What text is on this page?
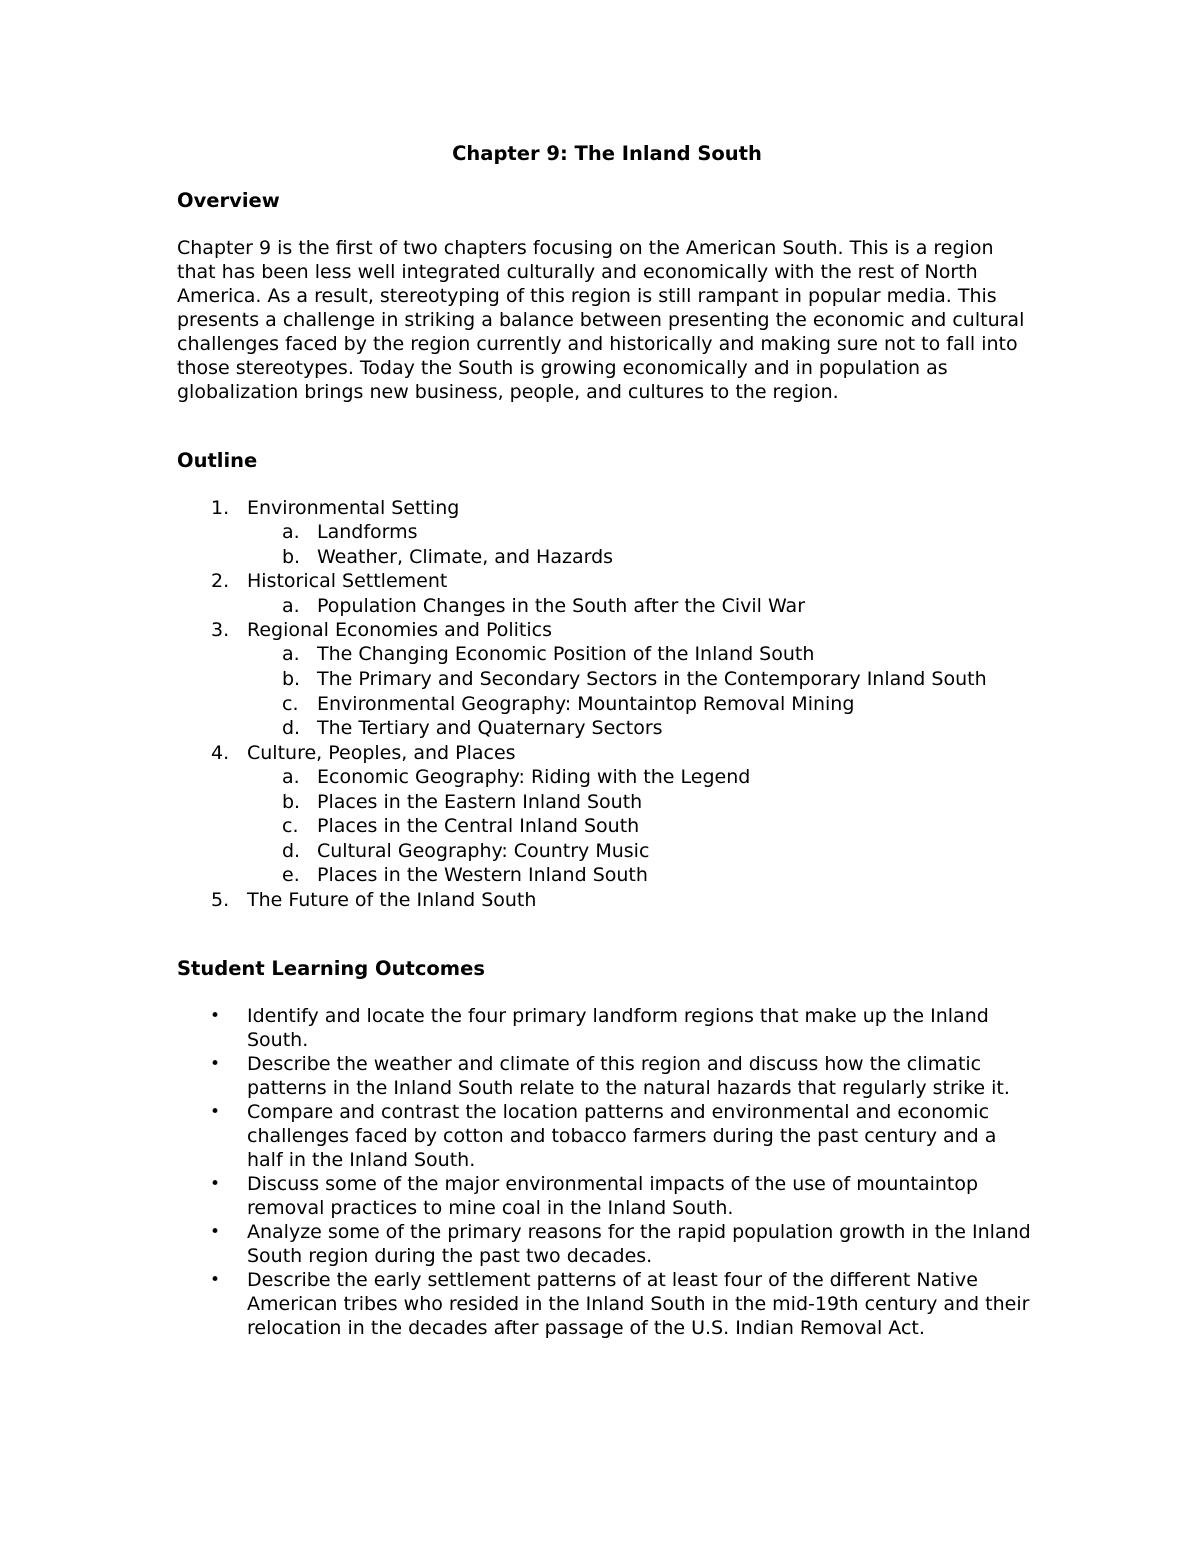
Chapter 9: The Inland South
Overview

Chapter 9 is the first of two chapters focusing on the American South. This is a region that has been less well integrated culturally and economically with the rest of North America. As a result, stereotyping of this region is still rampant in popular media. This presents a challenge in striking a balance between presenting the economic and cultural challenges faced by the region currently and historically and making sure not to fall into those stereotypes. Today the South is growing economically and in population as globalization brings new business, people, and cultures to the region.

Outline
1. Environmental Setting
a. Landforms
b. Weather, Climate, and Hazards
2. Historical Settlement
a. Population Changes in the South after the Civil War
3. Regional Economies and Politics
a. The Changing Economic Position of the Inland South
b. The Primary and Secondary Sectors in the Contemporary Inland South
c. Environmental Geography: Mountaintop Removal Mining
d. The Tertiary and Quaternary Sectors
4. Culture, Peoples, and Places
a. Economic Geography: Riding with the Legend
b. Places in the Eastern Inland South
c. Places in the Central Inland South
d. Cultural Geography: Country Music
e. Places in the Western Inland South
5. The Future of the Inland South
Student Learning Outcomes
• Identify and locate the four primary landform regions that make up the Inland South.
• Describe the weather and climate of this region and discuss how the climatic patterns in the Inland South relate to the natural hazards that regularly strike it.
• Compare and contrast the location patterns and environmental and economic challenges faced by cotton and tobacco farmers during the past century and a half in the Inland South.
• Discuss some of the major environmental impacts of the use of mountaintop removal practices to mine coal in the Inland South.
• Analyze some of the primary reasons for the rapid population growth in the Inland South region during the past two decades.
• Describe the early settlement patterns of at least four of the different Native American tribes who resided in the Inland South in the mid-19th century and their relocation in the decades after passage of the U.S. Indian Removal Act.
